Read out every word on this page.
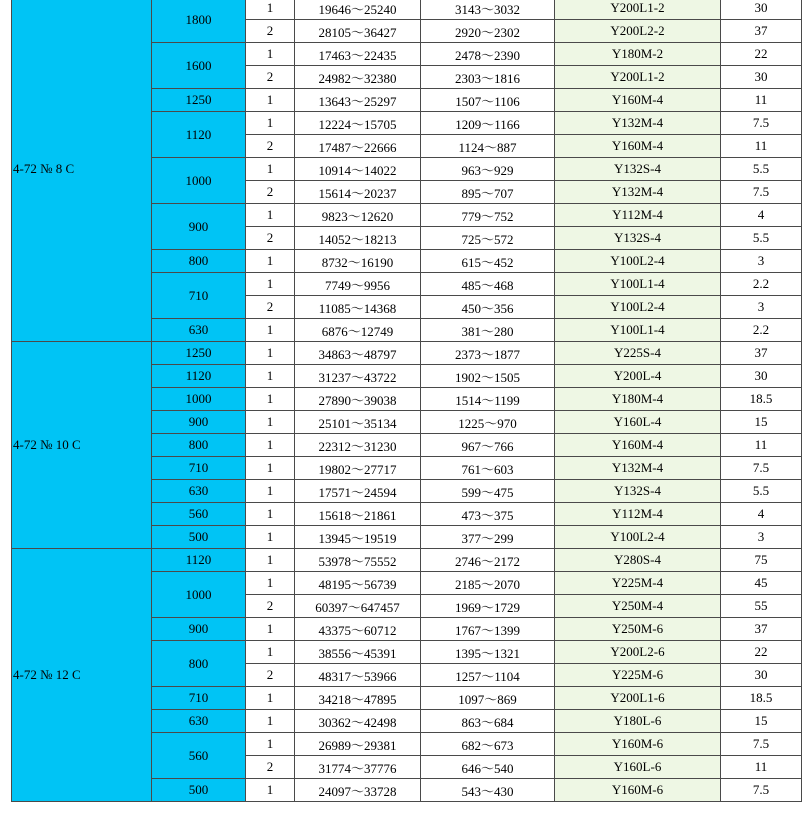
4-72 № 8 C	1800	1	19646～25240	3143～3032	Y200L1-2	30
		2	28105～36427	2920～2302	Y200L2-2	37
	1600	1	17463～22435	2478～2390	Y180M-2	22
		2	24982～32380	2303～1816	Y200L1-2	30
	1250	1	13643～25297	1507～1106	Y160M-4	11
	1120	1	12224～15705	1209～1166	Y132M-4	7.5
		2	17487～22666	1124～887	Y160M-4	11
	1000	1	10914～14022	963～929	Y132S-4	5.5
		2	15614～20237	895～707	Y132M-4	7.5
	900	1	9823～12620	779～752	Y112M-4	4
		2	14052～18213	725～572	Y132S-4	5.5
	800	1	8732～16190	615～452	Y100L2-4	3
	710	1	7749～9956	485～468	Y100L1-4	2.2
		2	11085～14368	450～356	Y100L2-4	3
	630	1	6876～12749	381～280	Y100L1-4	2.2
4-72 № 10 C	1250	1	34863～48797	2373～1877	Y225S-4	37
	1120	1	31237～43722	1902～1505	Y200L-4	30
	1000	1	27890～39038	1514～1199	Y180M-4	18.5
	900	1	25101～35134	1225～970	Y160L-4	15
	800	1	22312～31230	967～766	Y160M-4	11
	710	1	19802～27717	761～603	Y132M-4	7.5
	630	1	17571～24594	599～475	Y132S-4	5.5
	560	1	15618～21861	473～375	Y112M-4	4
	500	1	13945～19519	377～299	Y100L2-4	3
4-72 № 12 C	1120	1	53978～75552	2746～2172	Y280S-4	75
	1000	1	48195～56739	2185～2070	Y225M-4	45
		2	60397～647457	1969～1729	Y250M-4	55
	900	1	43375～60712	1767～1399	Y250M-6	37
	800	1	38556～45391	1395～1321	Y200L2-6	22
		2	48317～53966	1257～1104	Y225M-6	30
	710	1	34218～47895	1097～869	Y200L1-6	18.5
	630	1	30362～42498	863～684	Y180L-6	15
	560	1	26989～29381	682～673	Y160M-6	7.5
		2	31774～37776	646～540	Y160L-6	11
	500	1	24097～33728	543～430	Y160M-6	7.5
